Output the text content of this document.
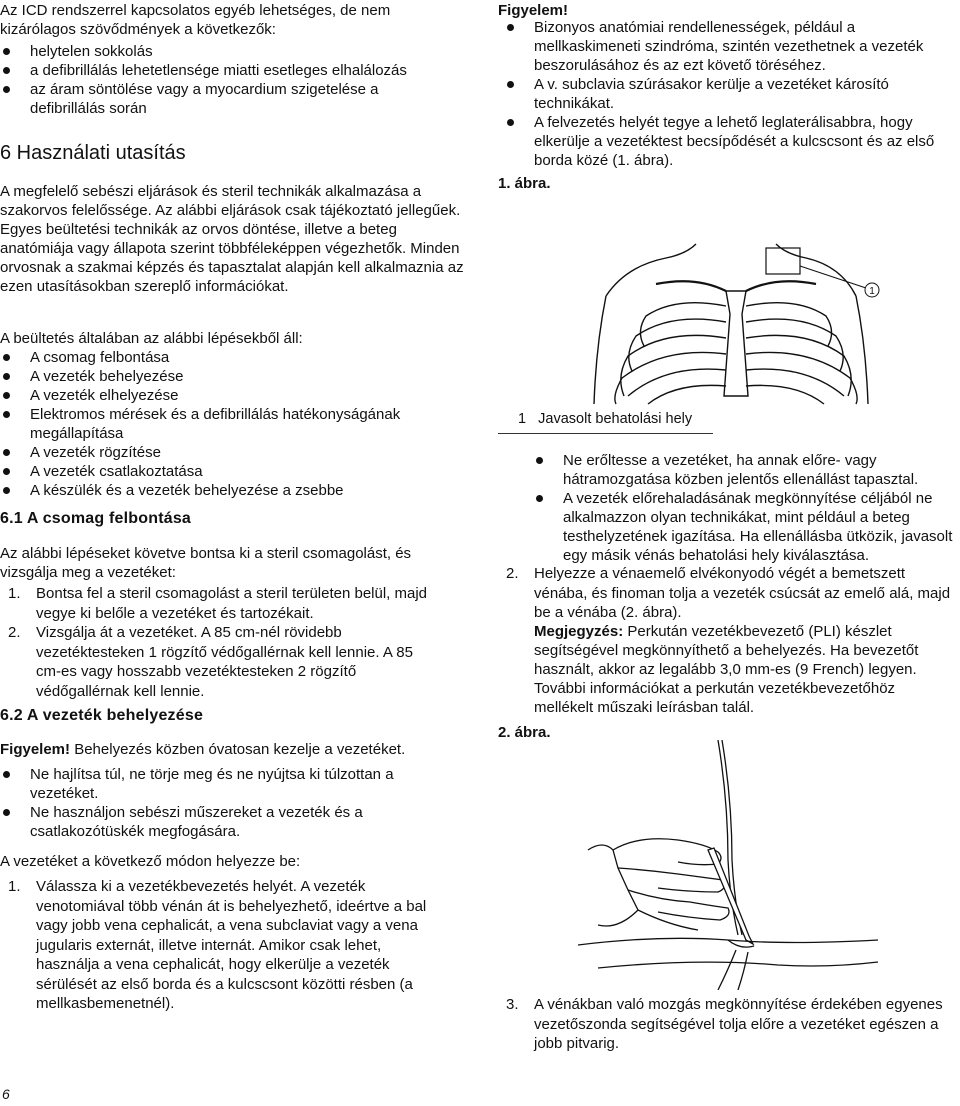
Az ICD rendszerrel kapcsolatos egyéb lehetséges, de nem kizárólagos szövődmények a következők:

helytelen sokkolás
a defibrillálás lehetetlensége miatti esetleges elhalálozás
az áram söntölése vagy a myocardium szigetelése a defibrillálás során
6 Használati utasítás

A megfelelő sebészi eljárások és steril technikák alkalmazása a szakorvos felelőssége. Az alábbi eljárások csak tájékoztató jellegűek. Egyes beültetési technikák az orvos döntése, illetve a beteg anatómiája vagy állapota szerint többféleképpen végezhetők. Minden orvosnak a szakmai képzés és tapasztalat alapján kell alkalmaznia az ezen utasításokban szereplő információkat.

A beültetés általában az alábbi lépésekből áll:

A csomag felbontása
A vezeték behelyezése
A vezeték elhelyezése
Elektromos mérések és a defibrillálás hatékonyságának megállapítása
A vezeték rögzítése
A vezeték csatlakoztatása
A készülék és a vezeték behelyezése a zsebbe
6.1 A csomag felbontása

Az alábbi lépéseket követve bontsa ki a steril csomagolást, és vizsgálja meg a vezetéket:

1. Bontsa fel a steril csomagolást a steril területen belül, majd vegye ki belőle a vezetéket és tartozékait.
2. Vizsgálja át a vezetéket. A 85 cm-nél rövidebb vezetéktesteken 1 rögzítő védőgallérnak kell lennie. A 85 cm-es vagy hosszabb vezetéktesteken 2 rögzítő védőgallérnak kell lennie.
6.2 A vezeték behelyezése

Figyelem! Behelyezés közben óvatosan kezelje a vezetéket.

Ne hajlítsa túl, ne törje meg és ne nyújtsa ki túlzottan a vezetéket.
Ne használjon sebészi műszereket a vezeték és a csatlakozótüskék megfogására.

A vezetéket a következő módon helyezze be:

1. Válassza ki a vezetékbevezetés helyét. A vezeték venotomiával több vénán át is behelyezhető, ideértve a bal vagy jobb vena cephalicát, a vena subclaviat vagy a vena jugularis externát, illetve internát. Amikor csak lehet, használja a vena cephalicát, hogy elkerülje a vezeték sérülését az első borda és a kulcscsont közötti résben (a mellkasbemenetnél).

Figyelem!

Bizonyos anatómiai rendellenességek, például a mellkaskimeneti szindróma, szintén vezethetnek a vezeték beszorulásához és az ezt követő töréséhez.
A v. subclavia szúrásakor kerülje a vezetéket károsító technikákat.
A felvezetés helyét tegye a lehető leglaterálisabbra, hogy elkerülje a vezetéktest becsípődését a kulcscsont és az első borda közé (1. ábra).

1. ábra.

1

1 Javasolt behatolási hely

Ne erőltesse a vezetéket, ha annak előre- vagy hátramozgatása közben jelentős ellenállást tapasztal.
A vezeték előrehaladásának megkönnyítése céljából ne alkalmazzon olyan technikákat, mint például a beteg testhelyzetének igazítása. Ha ellenállásba ütközik, javasolt egy másik vénás behatolási hely kiválasztása.
2. Helyezze a vénaemelő elvékonyodó végét a bemetszett vénába, és finoman tolja a vezeték csúcsát az emelő alá, majd be a vénába (2. ábra).

Megjegyzés: Perkután vezetékbevezető (PLI) készlet segítségével megkönnyíthető a behelyezés. Ha bevezetőt használt, akkor az legalább 3,0 mm-es (9 French) legyen. További információkat a perkután vezetékbevezetőhöz mellékelt műszaki leírásban talál.

2. ábra.

3. A vénákban való mozgás megkönnyítése érdekében egyenes vezetőszonda segítségével tolja előre a vezetéket egészen a jobb pitvarig.
6
